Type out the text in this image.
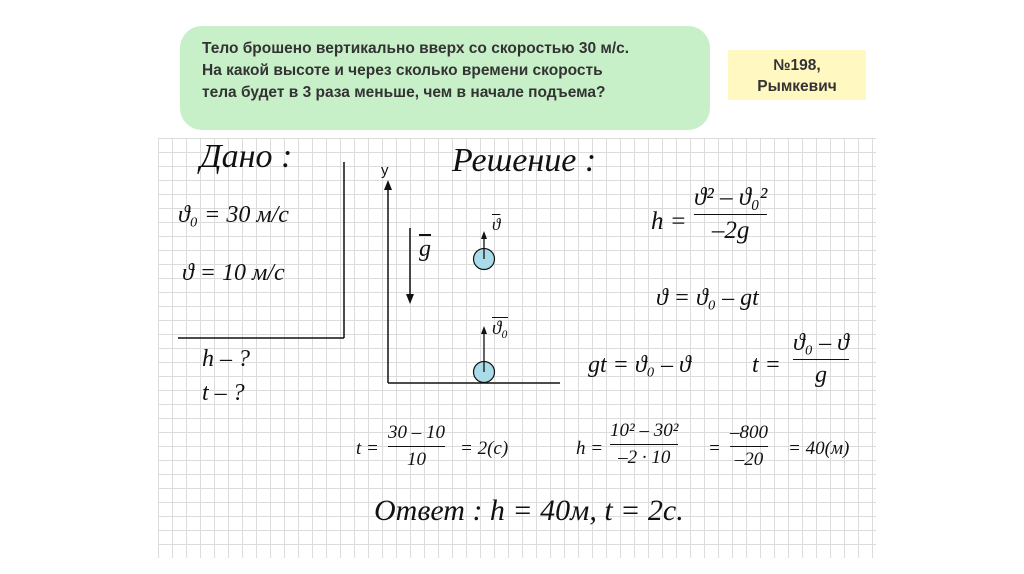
Тело брошено вертикально вверх со скоростью 30 м/с.
На какой высоте и через сколько времени скорость
тела будет в 3 раза меньше, чем в начале подъема?
№198,
Рымкевич
Дано :
ϑ₀ = 30 м/с
ϑ = 10 м/с
h – ?
t – ?
y
$\overline{g}$
$\overline{ϑ}$
ϑ₀
Решение :
h =
ϑ² – ϑ₀²
–2g
ϑ = ϑ₀ – gt
gt = ϑ₀ – ϑ	t =
ϑ₀ – ϑ
g
t =
30 – 10
10
= 2(с)	h =
10² – 30²
–2 · 10 =
–800
–20
= 40(м)
Ответ : h = 40м, t = 2с.
